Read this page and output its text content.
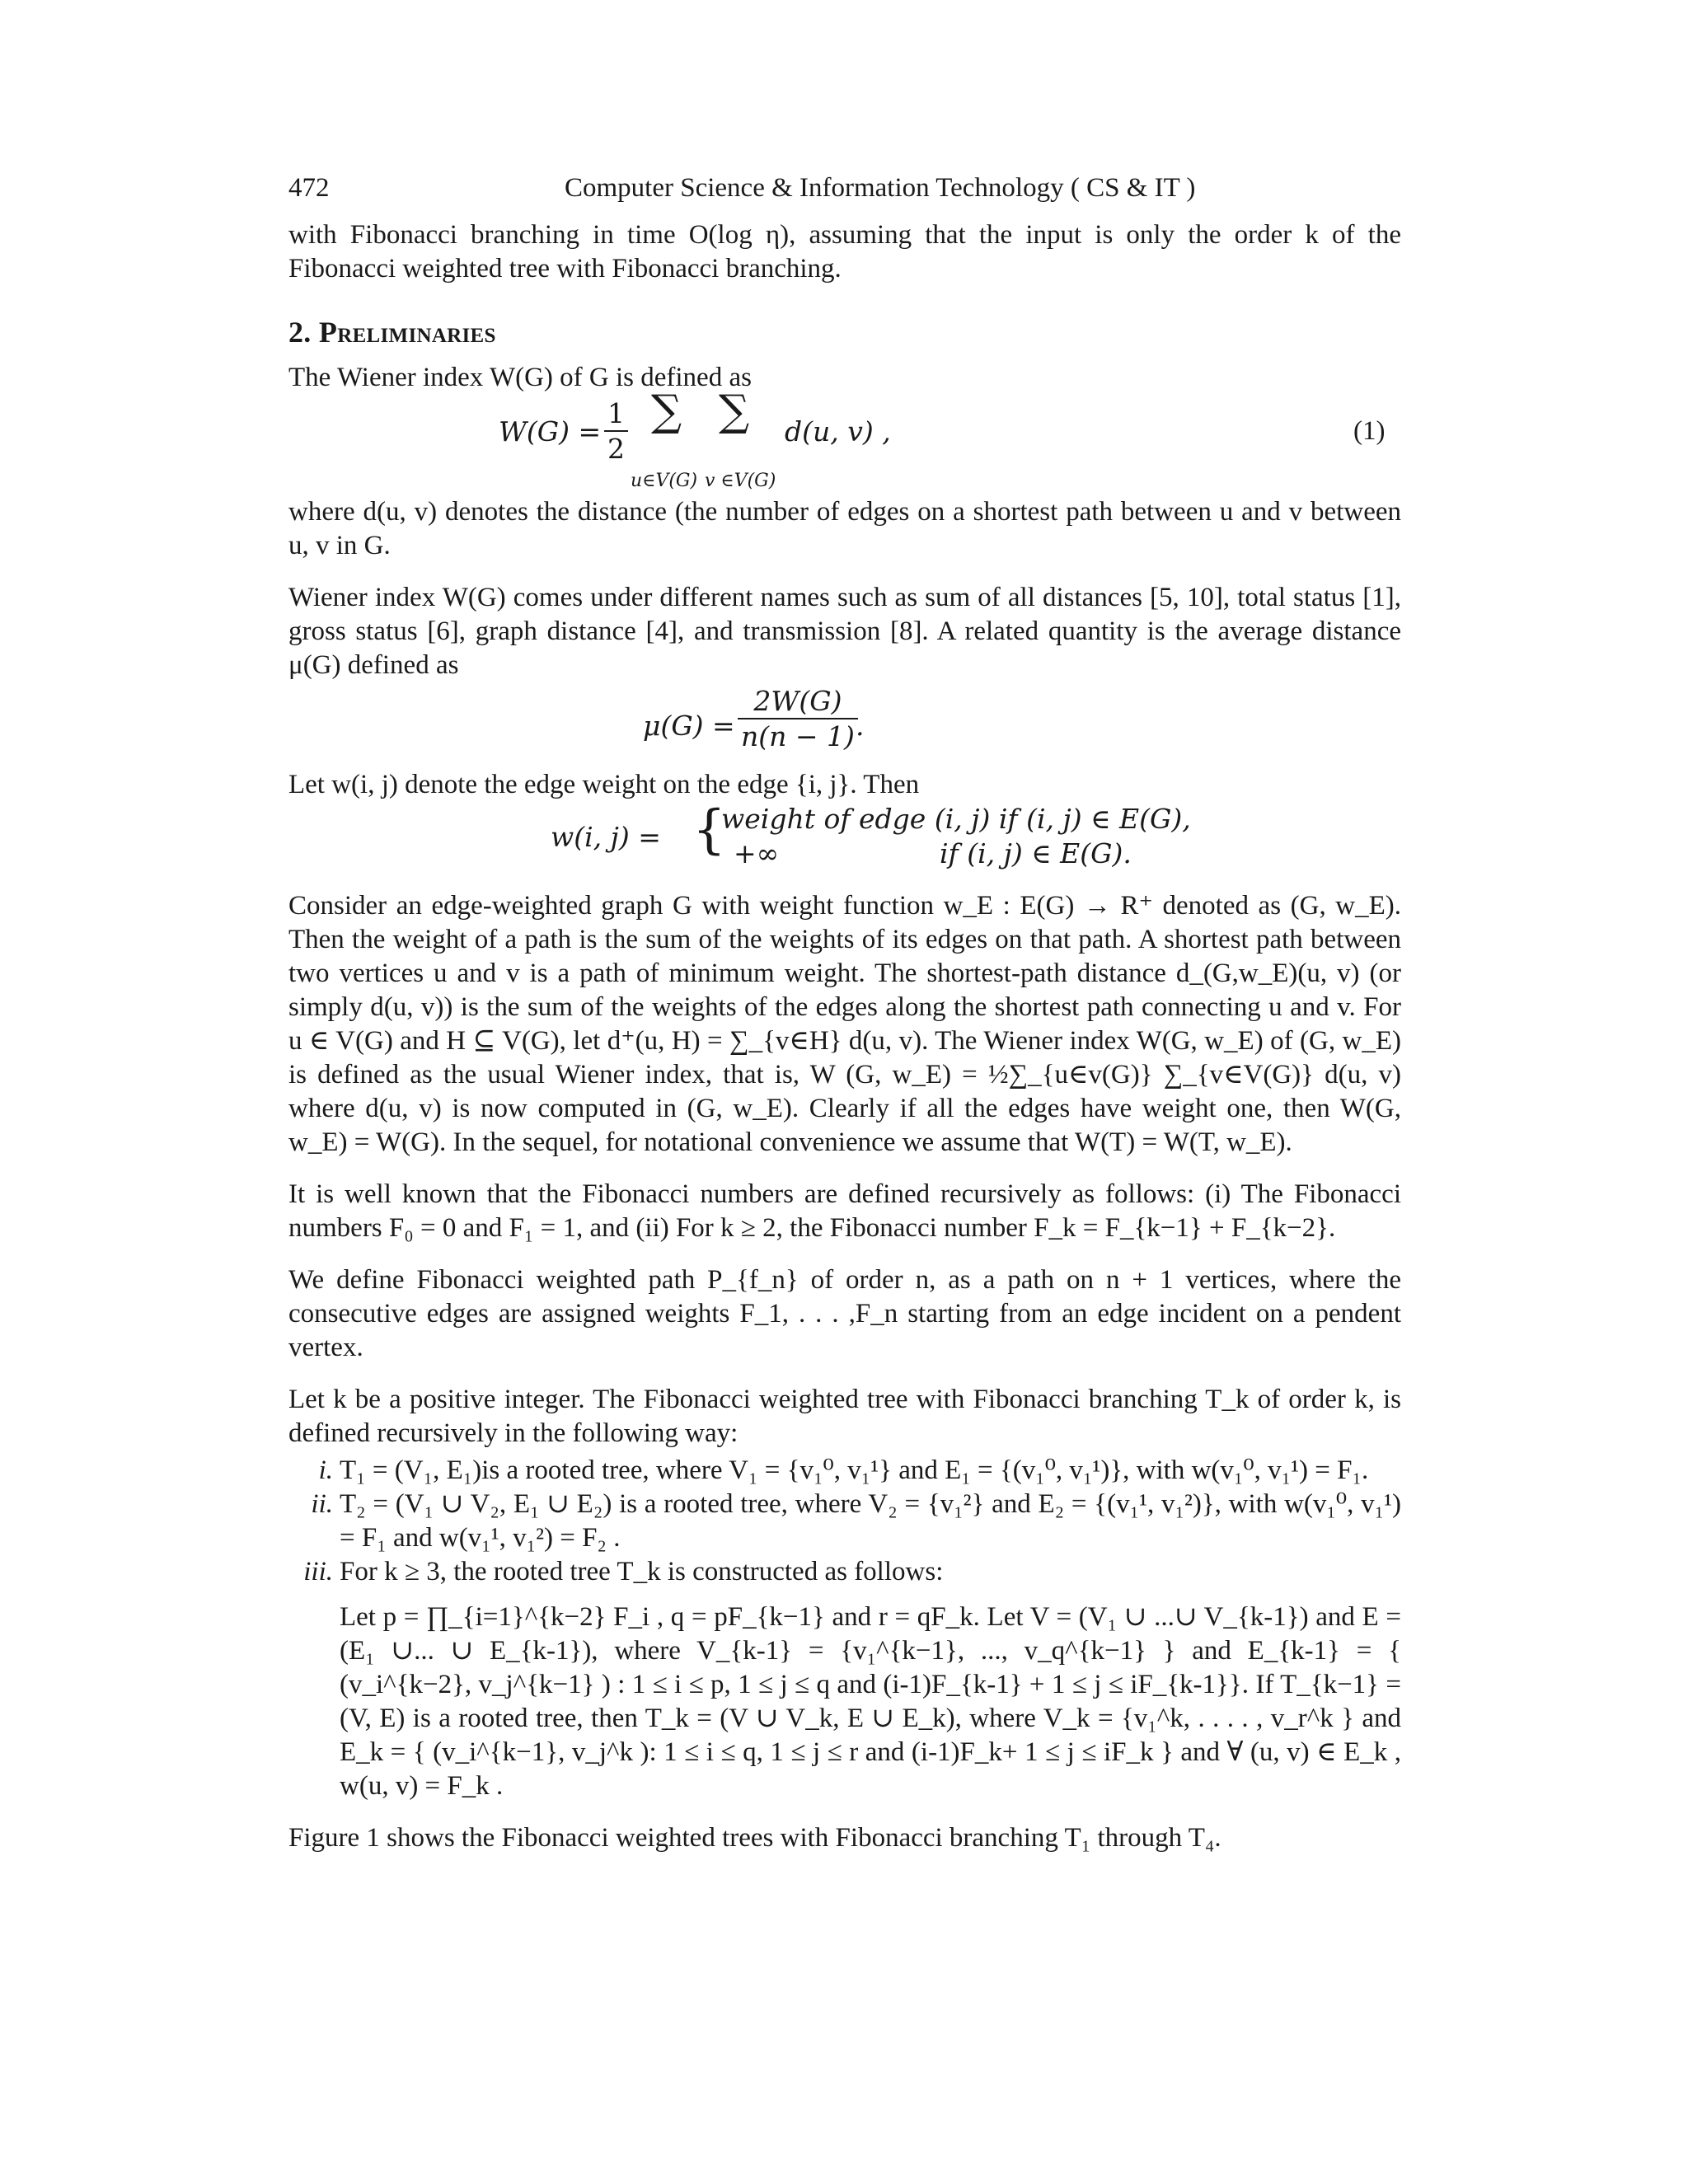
472	Computer Science & Information Technology ( CS & IT )

with Fibonacci branching in time O(log η), assuming that the input is only the order k of the Fibonacci weighted tree with Fibonacci branching.

2. Preliminaries

The Wiener index W(G) of G is defined as

W(G) =
1
2
∑ ∑
u∈V(G) v ∈V(G)
d(u, v) ,	(1)

where d(u, v) denotes the distance (the number of edges on a shortest path between u and v between u, v in G.

Wiener index W(G) comes under different names such as sum of all distances [5, 10], total status [1], gross status [6], graph distance [4], and transmission [8]. A related quantity is the average distance μ(G) defined as

μ(G) =
2W(G)
n(n − 1) .

Let w(i, j) denote the edge weight on the edge {i, j}. Then

w(i, j) = {
weight of edge (i, j) if (i, j) ∈ E(G),
+∞	if (i, j) ∈ E(G).

Consider an edge-weighted graph G with weight function w_E : E(G) → R⁺ denoted as (G, w_E). Then the weight of a path is the sum of the weights of its edges on that path. A shortest path between two vertices u and v is a path of minimum weight. The shortest-path distance d_(G,w_E)(u, v) (or simply d(u, v)) is the sum of the weights of the edges along the shortest path connecting u and v. For u ∈ V(G) and H ⊆ V(G), let d⁺(u, H) = ∑_{v∈H} d(u, v). The Wiener index W(G, w_E) of (G, w_E) is defined as the usual Wiener index, that is, W (G, w_E) = ½∑_{u∈v(G)} ∑_{v∈V(G)} d(u, v) where d(u, v) is now computed in (G, w_E). Clearly if all the edges have weight one, then W(G, w_E) = W(G). In the sequel, for notational convenience we assume that W(T) = W(T, w_E).

It is well known that the Fibonacci numbers are defined recursively as follows: (i) The Fibonacci numbers F₀ = 0 and F₁ = 1, and (ii) For k ≥ 2, the Fibonacci number F_k = F_{k−1} + F_{k−2}.

We define Fibonacci weighted path P_{f_n} of order n, as a path on n + 1 vertices, where the consecutive edges are assigned weights F_1, . . . ,F_n starting from an edge incident on a pendent vertex.

Let k be a positive integer. The Fibonacci weighted tree with Fibonacci branching T_k of order k, is defined recursively in the following way:

i. T₁ = (V₁, E₁)is a rooted tree, where V₁ = {v₁⁰, v₁¹} and E₁ = {(v₁⁰, v₁¹)}, with w(v₁⁰, v₁¹) = F₁.
ii. T₂ = (V₁ ∪ V₂, E₁ ∪ E₂) is a rooted tree, where V₂ = {v₁²} and E₂ = {(v₁¹, v₁²)}, with w(v₁⁰, v₁¹) = F₁ and w(v₁¹, v₁²) = F₂ .
iii. For k ≥ 3, the rooted tree T_k is constructed as follows:

Let p = ∏_{i=1}^{k−2} F_i , q = pF_{k−1} and r = qF_k. Let V = (V₁ ∪ ...∪ V_{k-1}) and E = (E₁ ∪... ∪ E_{k-1}), where V_{k-1} = {v₁^{k−1}, ..., v_q^{k−1} } and E_{k-1} = { (v_i^{k−2}, v_j^{k−1} ) : 1 ≤ i ≤ p, 1 ≤ j ≤ q and (i-1)F_{k-1} + 1 ≤ j ≤ iF_{k-1}}. If T_{k−1} = (V, E) is a rooted tree, then T_k = (V ∪ V_k, E ∪ E_k), where V_k = {v₁^k, . . . . , v_r^k } and E_k = { (v_i^{k−1}, v_j^k ): 1 ≤ i ≤ q, 1 ≤ j ≤ r and (i-1)F_k+ 1 ≤ j ≤ iF_k } and ∀ (u, v) ∈ E_k , w(u, v) = F_k .

Figure 1 shows the Fibonacci weighted trees with Fibonacci branching T₁ through T₄.
